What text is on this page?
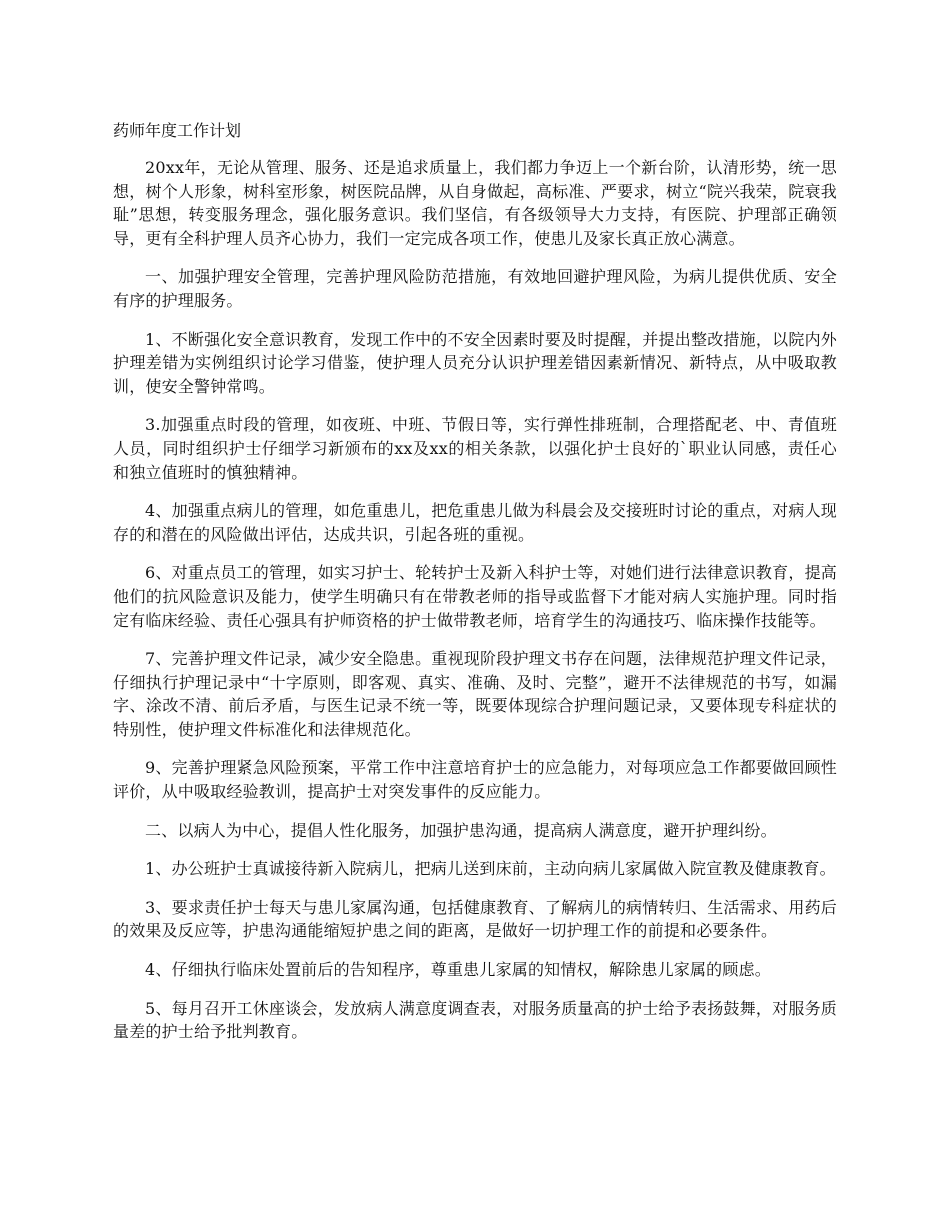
药师年度工作计划

20xx年，无论从管理、服务、还是追求质量上，我们都力争迈上一个新台阶，认清形势，统一思想，树个人形象，树科室形象，树医院品牌，从自身做起，高标准、严要求，树立“院兴我荣，院衰我耻”思想，转变服务理念，强化服务意识。我们坚信，有各级领导大力支持，有医院、护理部正确领导，更有全科护理人员齐心协力，我们一定完成各项工作，使患儿及家长真正放心满意。

一、加强护理安全管理，完善护理风险防范措施，有效地回避护理风险，为病儿提供优质、安全有序的护理服务。

1、不断强化安全意识教育，发现工作中的不安全因素时要及时提醒，并提出整改措施，以院内外护理差错为实例组织讨论学习借鉴，使护理人员充分认识护理差错因素新情况、新特点，从中吸取教训，使安全警钟常鸣。

3.加强重点时段的管理，如夜班、中班、节假日等，实行弹性排班制，合理搭配老、中、青值班人员，同时组织护士仔细学习新颁布的xx及xx的相关条款，以强化护士良好的`职业认同感，责任心和独立值班时的慎独精神。

4、加强重点病儿的管理，如危重患儿，把危重患儿做为科晨会及交接班时讨论的重点，对病人现存的和潜在的风险做出评估，达成共识，引起各班的重视。

6、对重点员工的管理，如实习护士、轮转护士及新入科护士等，对她们进行法律意识教育，提高他们的抗风险意识及能力，使学生明确只有在带教老师的指导或监督下才能对病人实施护理。同时指定有临床经验、责任心强具有护师资格的护士做带教老师，培育学生的沟通技巧、临床操作技能等。

7、完善护理文件记录，减少安全隐患。重视现阶段护理文书存在问题，法律规范护理文件记录，仔细执行护理记录中“十字原则，即客观、真实、准确、及时、完整”，避开不法律规范的书写，如漏字、涂改不清、前后矛盾，与医生记录不统一等，既要体现综合护理问题记录，又要体现专科症状的特别性，使护理文件标准化和法律规范化。

9、完善护理紧急风险预案，平常工作中注意培育护士的应急能力，对每项应急工作都要做回顾性评价，从中吸取经验教训，提高护士对突发事件的反应能力。

二、以病人为中心，提倡人性化服务，加强护患沟通，提高病人满意度，避开护理纠纷。

1、办公班护士真诚接待新入院病儿，把病儿送到床前，主动向病儿家属做入院宣教及健康教育。

3、要求责任护士每天与患儿家属沟通，包括健康教育、了解病儿的病情转归、生活需求、用药后的效果及反应等，护患沟通能缩短护患之间的距离，是做好一切护理工作的前提和必要条件。

4、仔细执行临床处置前后的告知程序，尊重患儿家属的知情权，解除患儿家属的顾虑。

5、每月召开工休座谈会，发放病人满意度调查表，对服务质量高的护士给予表扬鼓舞，对服务质量差的护士给予批判教育。
